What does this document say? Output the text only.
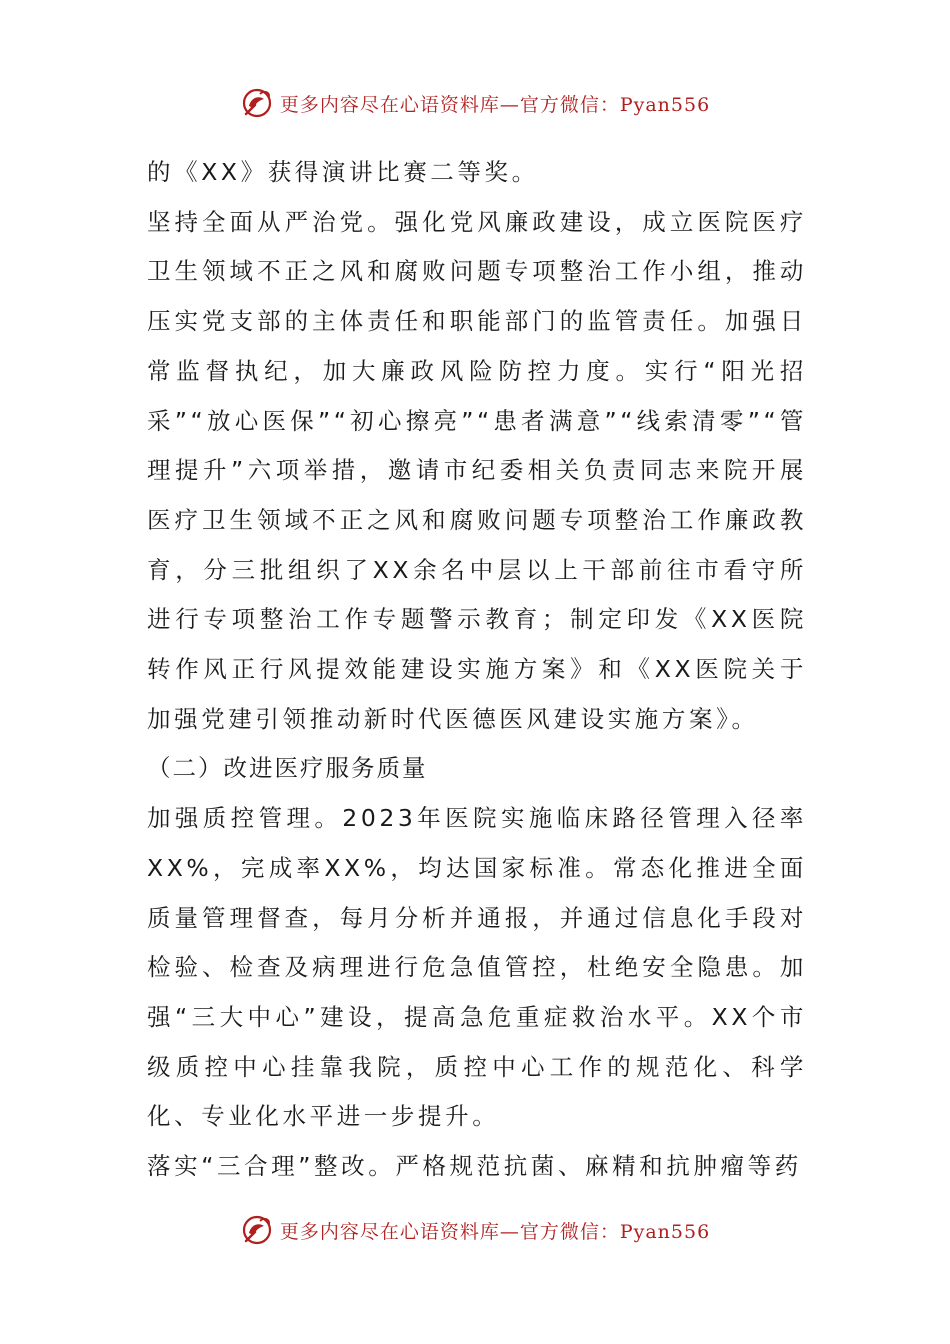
更多内容尽在心语资料库—官方微信：Pyan556

的《XX》获得演讲比赛二等奖。

坚持全面从严治党。强化党风廉政建设，成立医院医疗卫生领域不正之风和腐败问题专项整治工作小组，推动压实党支部的主体责任和职能部门的监管责任。加强日常监督执纪，加大廉政风险防控力度。实行“阳光招采”“放心医保”“初心擦亮”“患者满意”“线索清零”“管理提升”六项举措，邀请市纪委相关负责同志来院开展医疗卫生领域不正之风和腐败问题专项整治工作廉政教育，分三批组织了XX余名中层以上干部前往市看守所进行专项整治工作专题警示教育；制定印发《XX医院转作风正行风提效能建设实施方案》和《XX医院关于加强党建引领推动新时代医德医风建设实施方案》。

（二）改进医疗服务质量

加强质控管理。2023年医院实施临床路径管理入径率XX%，完成率XX%，均达国家标准。常态化推进全面质量管理督查，每月分析并通报，并通过信息化手段对检验、检查及病理进行危急值管控，杜绝安全隐患。加强“三大中心”建设，提高急危重症救治水平。XX个市级质控中心挂靠我院，质控中心工作的规范化、科学化、专业化水平进一步提升。

落实“三合理”整改。严格规范抗菌、麻精和抗肿瘤等药

更多内容尽在心语资料库—官方微信：Pyan556
